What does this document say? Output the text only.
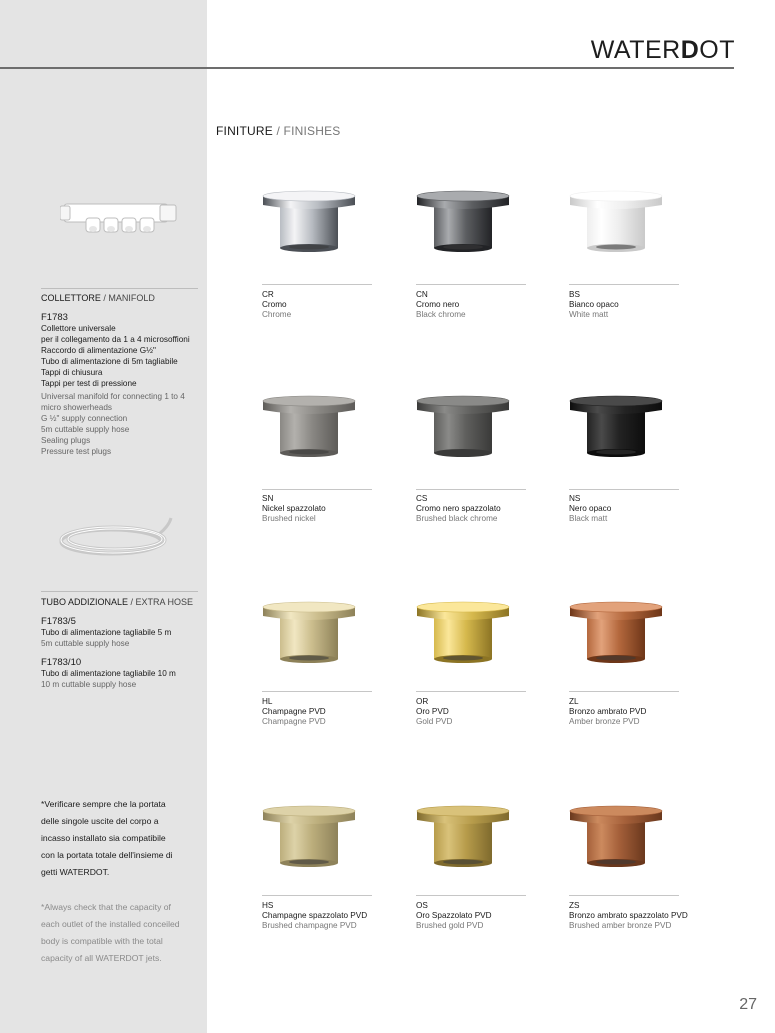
WATERDOT
FINITURE / FINISHES
COLLETTORE / MANIFOLD
F1783
Collettore universale
per il collegamento da 1 a 4 microsoffioni
Raccordo di alimentazione G½"
Tubo di alimentazione di 5m tagliabile
Tappi di chiusura
Tappi per test di pressione
Universal manifold for connecting 1 to 4
micro showerheads
G ½" supply connection
5m cuttable supply hose
Sealing plugs
Pressure test plugs
TUBO ADDIZIONALE / EXTRA HOSE
F1783/5
Tubo di alimentazione tagliabile 5 m
5m cuttable supply hose
F1783/10
Tubo di alimentazione tagliabile 10 m
10 m cuttable supply hose
*Verificare sempre che la portata
delle singole uscite del corpo a
incasso installato sia compatibile
con la portata totale dell'insieme di
getti WATERDOT.
*Always check that the capacity of
each outlet of the installed conceiled
body is compatible with the total
capacity of all WATERDOT jets.
CR
Cromo
Chrome
CN
Cromo nero
Black chrome
BS
Bianco opaco
White matt
SN
Nickel spazzolato
Brushed nickel
CS
Cromo nero spazzolato
Brushed black chrome
NS
Nero opaco
Black matt
HL
Champagne PVD
Champagne PVD
OR
Oro PVD
Gold PVD
ZL
Bronzo ambrato PVD
Amber bronze PVD
HS
Champagne spazzolato PVD
Brushed champagne PVD
OS
Oro Spazzolato PVD
Brushed gold PVD
ZS
Bronzo ambrato spazzolato PVD
Brushed amber bronze PVD
27
